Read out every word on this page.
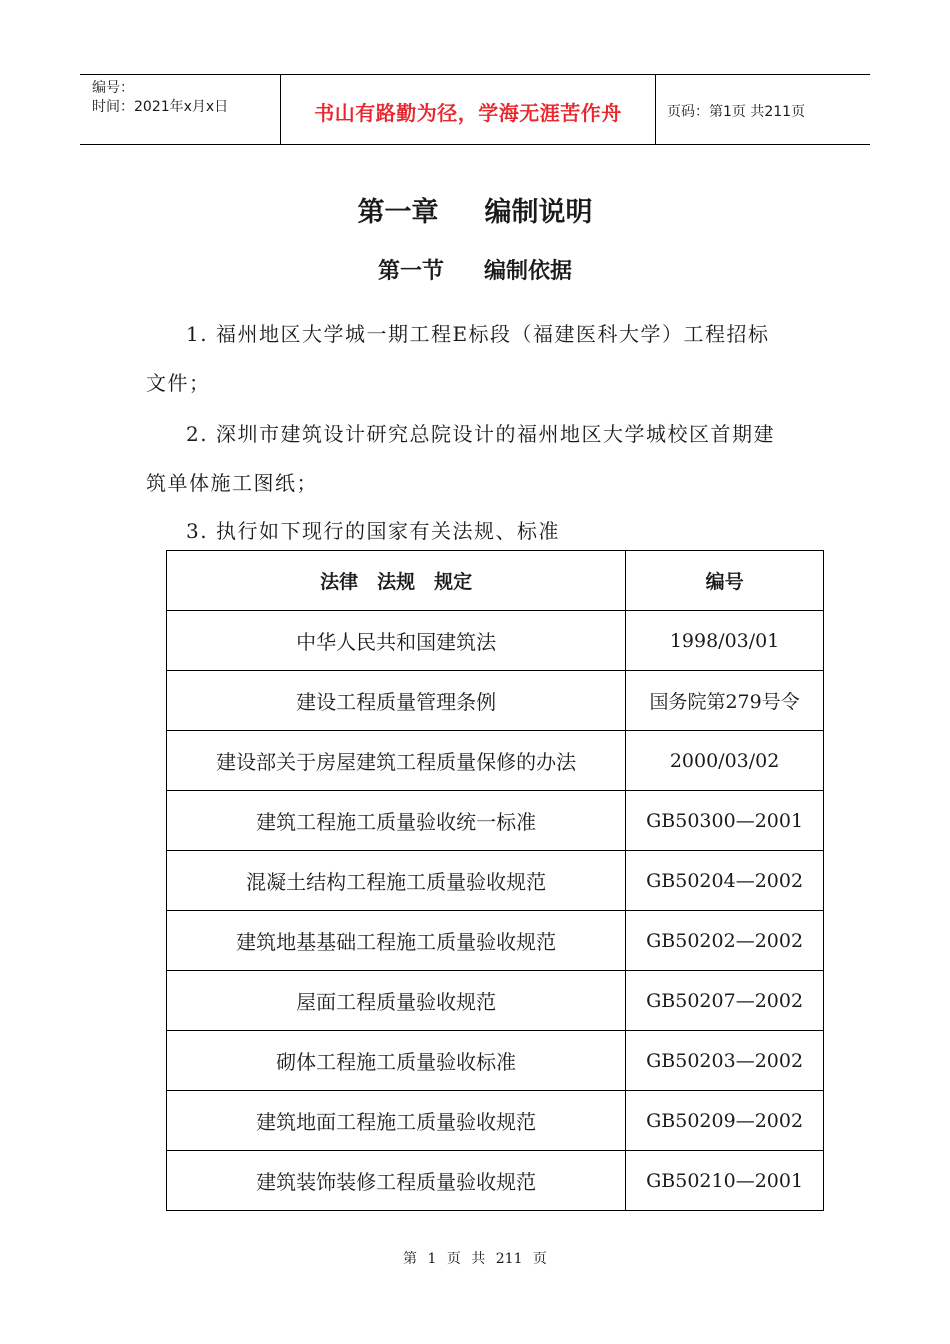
编号：
时间：2021年x月x日	书山有路勤为径，学海无涯苦作舟	页码：第1页 共211页
第一章 编制说明
第一节 编制依据
1. 福州地区大学城一期工程E标段（福建医科大学）工程招标
文件；
2. 深圳市建筑设计研究总院设计的福州地区大学城校区首期建
筑单体施工图纸；
3. 执行如下现行的国家有关法规、标准
法律　法规　规定	编号
中华人民共和国建筑法	1998/03/01
建设工程质量管理条例	国务院第279号令
建设部关于房屋建筑工程质量保修的办法	2000/03/02
建筑工程施工质量验收统一标准	GB50300—2001
混凝土结构工程施工质量验收规范	GB50204—2002
建筑地基基础工程施工质量验收规范	GB50202—2002
屋面工程质量验收规范	GB50207—2002
砌体工程施工质量验收标准	GB50203—2002
建筑地面工程施工质量验收规范	GB50209—2002
建筑装饰装修工程质量验收规范	GB50210—2001
第 1 页 共 211 页
